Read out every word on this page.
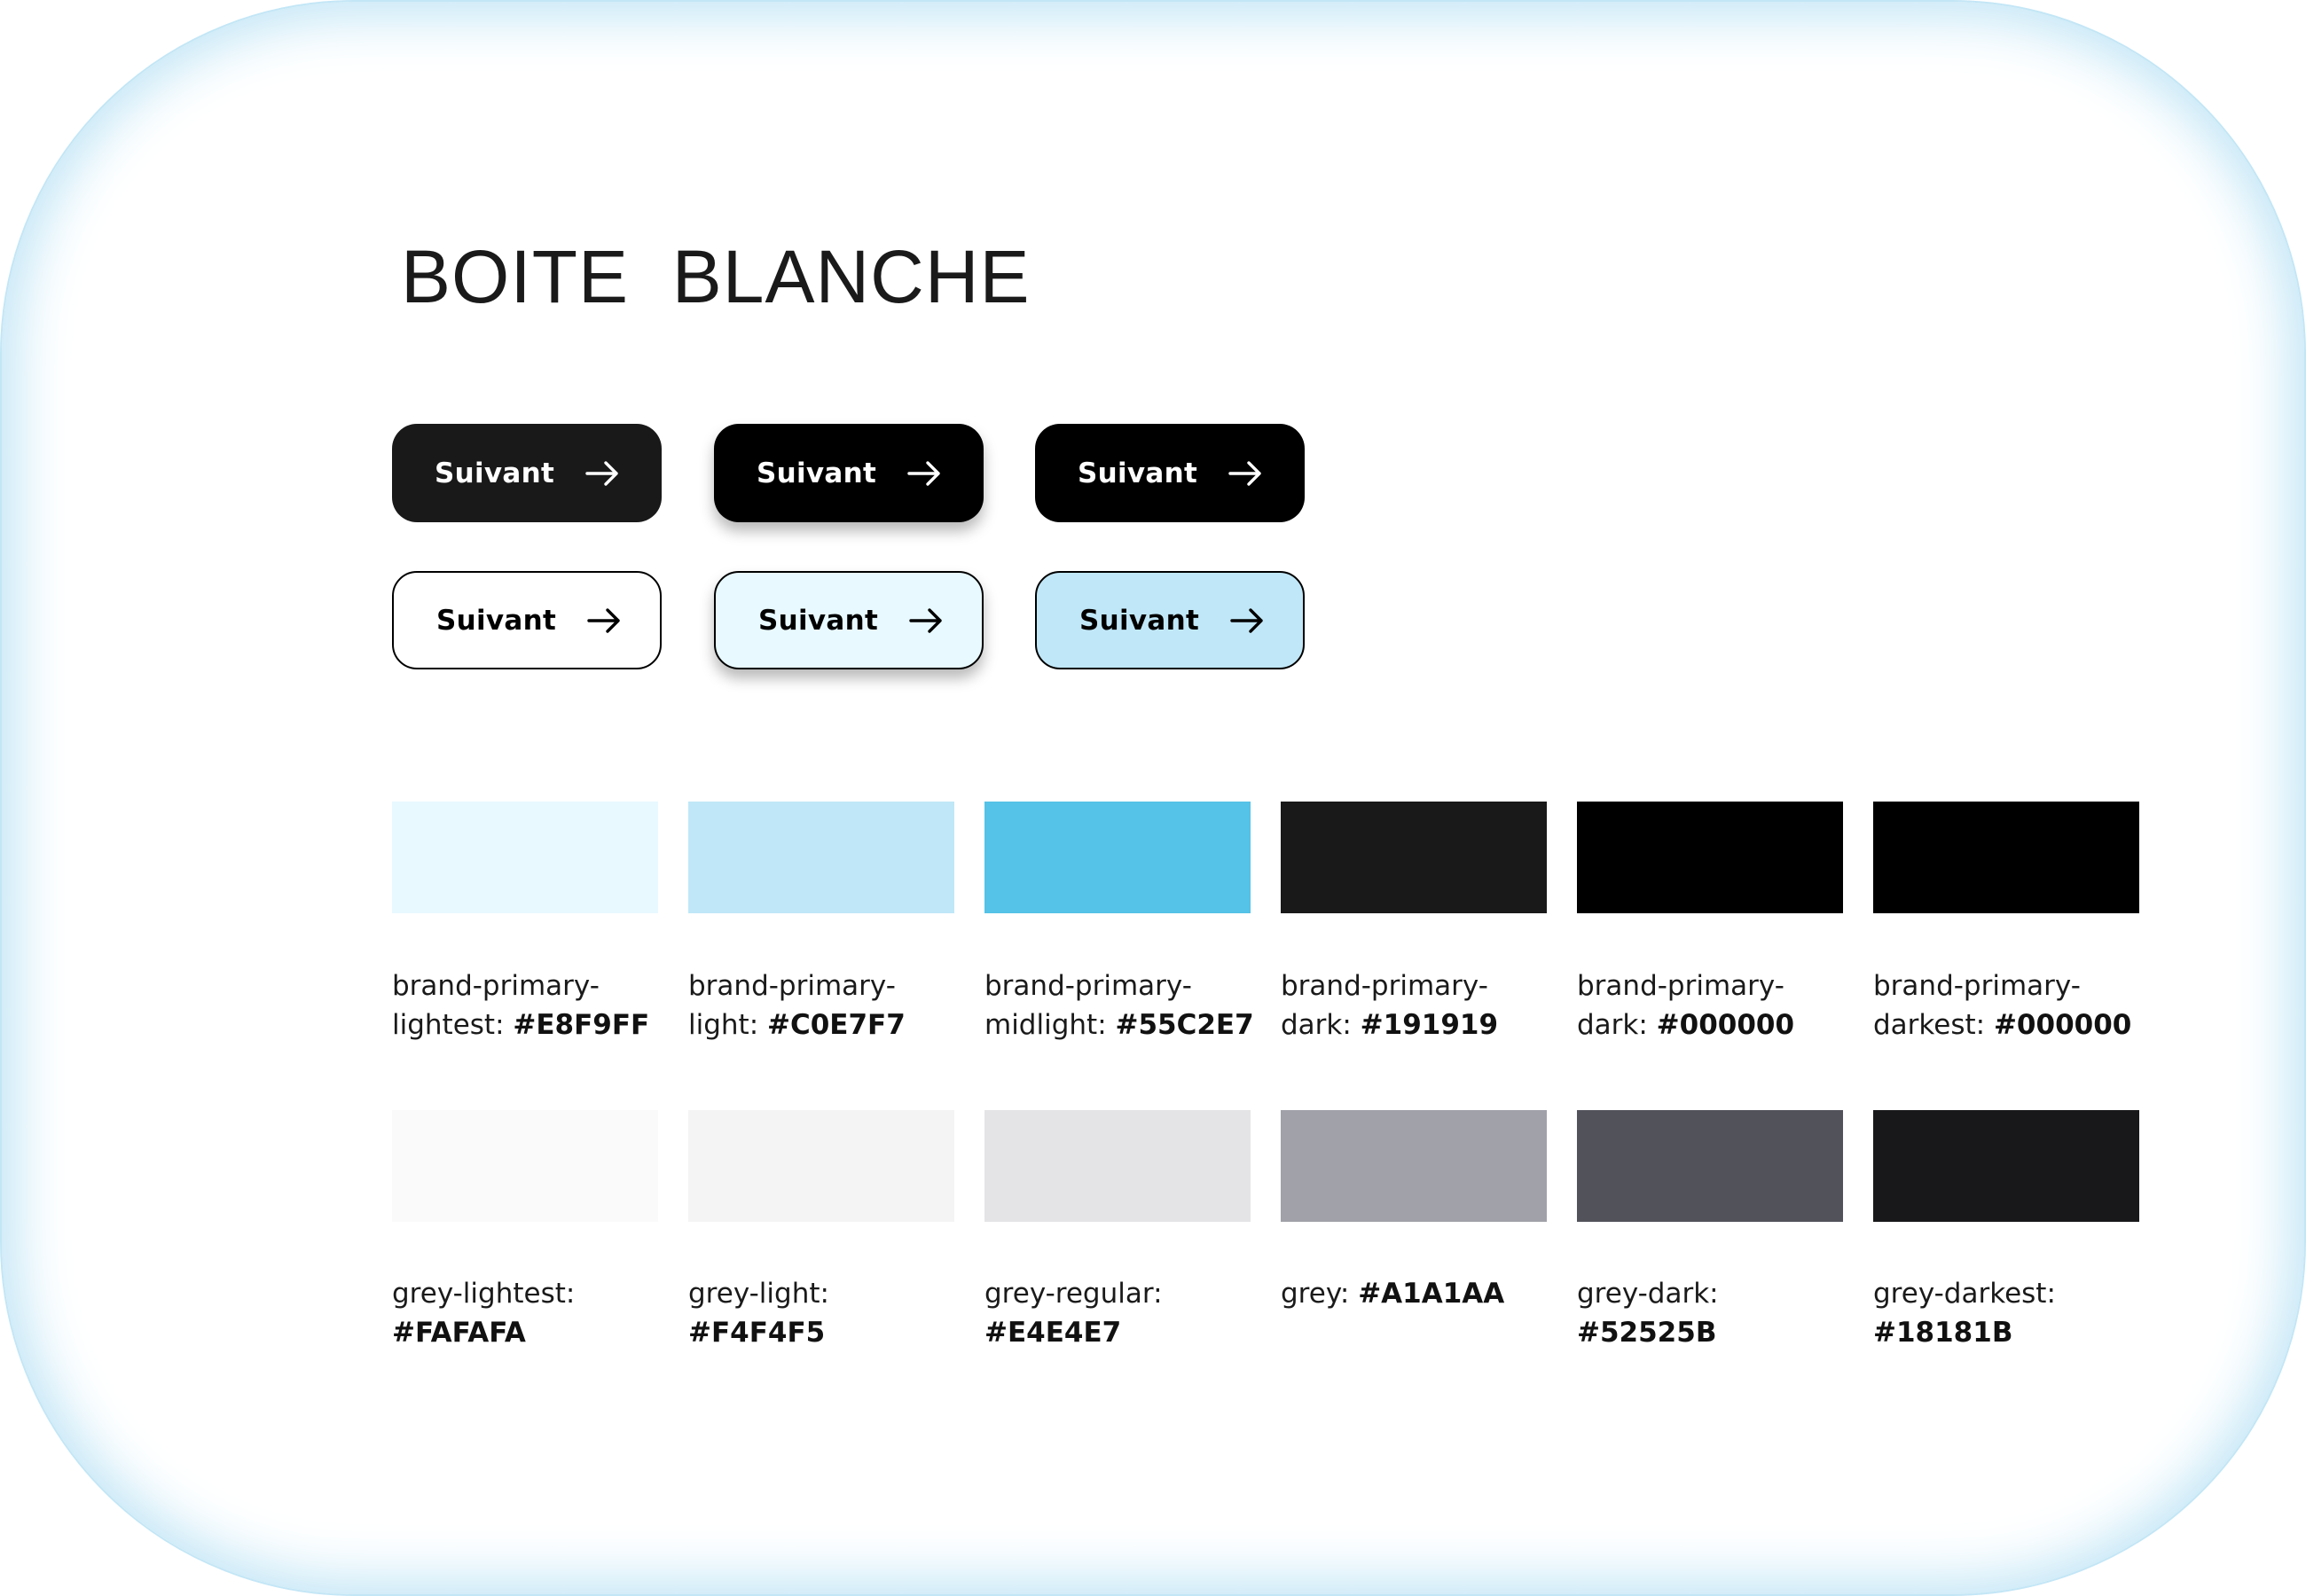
BOITE  BLANCHE
Suivant	Suivant	Suivant
Suivant	Suivant	Suivant
brand-primary-
lightest: #E8F9FF
brand-primary-
light: #C0E7F7
brand-primary-
midlight: #55C2E7
brand-primary-
dark: #191919
brand-primary-
dark: #000000
brand-primary-
darkest: #000000
grey-lightest:
#FAFAFA
grey-light:
#F4F4F5
grey-regular:
#E4E4E7
grey: #A1A1AA	grey-dark:
#52525B
grey-darkest:
#18181B
